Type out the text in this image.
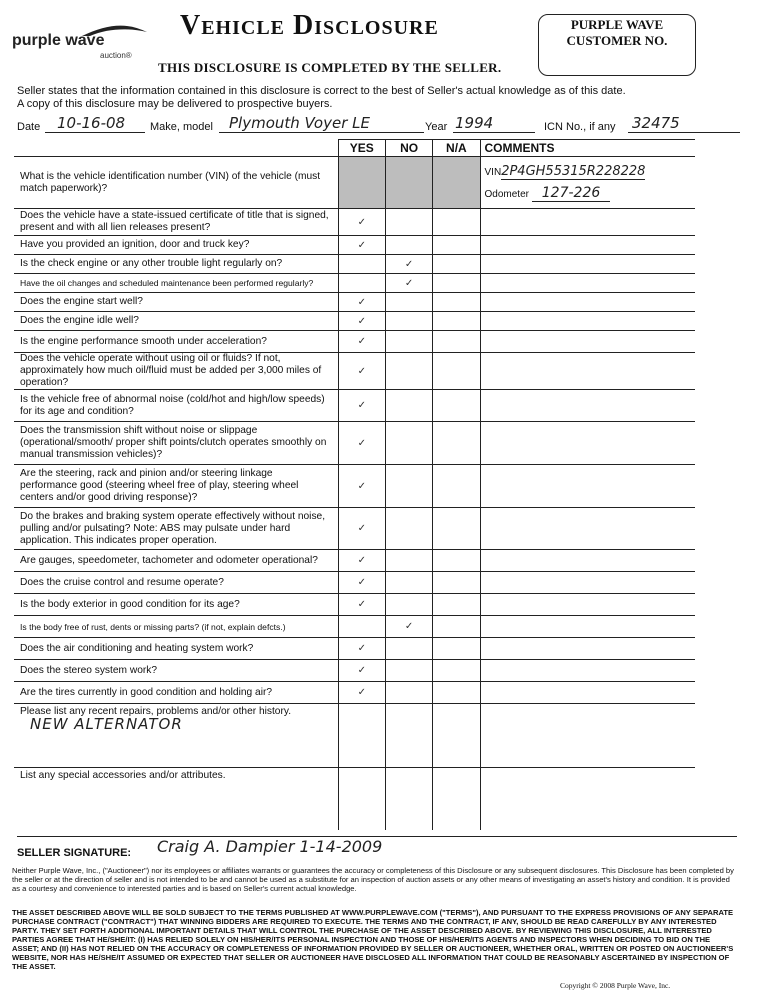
purple wave
auction®
Vehicle Disclosure	PURPLE WAVE
CUSTOMER NO.
THIS DISCLOSURE IS COMPLETED BY THE SELLER.
Seller states that the information contained in this disclosure is correct to the best of Seller's actual knowledge as of this date.
A copy of this disclosure may be delivered to prospective buyers.
Date 10-16-08 Make, model Plymouth Voyer LE	Year 1994	ICN No., if any 32475
	YES	NO	N/A	COMMENTS
What is the vehicle identification number (VIN) of the vehicle (must match paperwork)?				VIN2P4GH55315R228228
Odometer 127-226

Does the vehicle have a state-issued certificate of title that is signed, present and with all lien releases present?	✓			
Have you provided an ignition, door and truck key?	✓			
Is the check engine or any other trouble light regularly on?		✓		
Have the oil changes and scheduled maintenance been performed regularly?		✓		
Does the engine start well?	✓			
Does the engine idle well?	✓			
Is the engine performance smooth under acceleration?	✓			
Does the vehicle operate without using oil or fluids? If not, approximately how much oil/fluid must be added per 3,000 miles of operation?	✓			
Is the vehicle free of abnormal noise (cold/hot and high/low speeds) for its age and condition?	✓			
Does the transmission shift without noise or slippage (operational/smooth/ proper shift points/clutch operates smoothly on manual transmission vehicles)?	✓			
Are the steering, rack and pinion and/or steering linkage performance good (steering wheel free of play, steering wheel centers and/or good driving response)?	✓			
Do the brakes and braking system operate effectively without noise, pulling and/or pulsating? Note: ABS may pulsate under hard application. This indicates proper operation.	✓			
Are gauges, speedometer, tachometer and odometer operational?	✓			
Does the cruise control and resume operate?	✓			
Is the body exterior in good condition for its age?	✓			
Is the body free of rust, dents or missing parts? (if not, explain defcts.)		✓		
Does the air conditioning and heating system work?	✓			
Does the stereo system work?	✓			
Are the tires currently in good condition and holding air?	✓			

Please list any recent repairs, problems and/or other history.
NEW ALTERNATOR				

List any special accessories and/or attributes.				

SELLER SIGNATURE: Craig A. Dampier 1-14-2009
Neither Purple Wave, Inc., ("Auctioneer") nor its employees or affiliates warrants or guarantees the accuracy or completeness of this Disclosure or any subsequent disclosures. This Disclosure has been completed by the seller or at the direction of seller and is not intended to be and cannot be used as a substitute for an inspection of auction assets or any other means of investigating an asset's history and condition. It is provided as a courtesy and convenience to interested parties and is based on Seller's current actual knowledge.
THE ASSET DESCRIBED ABOVE WILL BE SOLD SUBJECT TO THE TERMS PUBLISHED AT WWW.PURPLEWAVE.COM ("TERMS"), AND PURSUANT TO THE EXPRESS PROVISIONS OF ANY SEPARATE PURCHASE CONTRACT ("CONTRACT") THAT WINNING BIDDERS ARE REQUIRED TO EXECUTE. THE TERMS AND THE CONTRACT, IF ANY, SHOULD BE READ CAREFULLY BY ANY INTERESTED PARTY. THEY SET FORTH ADDITIONAL IMPORTANT DETAILS THAT WILL CONTROL THE PURCHASE OF THE ASSET DESCRIBED ABOVE. BY REVIEWING THIS DISCLOSURE, ALL INTERESTED PARTIES AGREE THAT HE/SHE/IT: (I) HAS RELIED SOLELY ON HIS/HER/ITS PERSONAL INSPECTION AND THOSE OF HIS/HER/ITS AGENTS AND INSPECTORS WHEN DECIDING TO BID ON THE ASSET; AND (II) HAS NOT RELIED ON THE ACCURACY OR COMPLETENESS OF INFORMATION PROVIDED BY SELLER OR AUCTIONEER, WHETHER ORAL, WRITTEN OR POSTED ON AUCTIONEER'S WEBSITE, NOR HAS HE/SHE/IT ASSUMED OR EXPECTED THAT SELLER OR AUCTIONEER HAVE DISCLOSED ALL INFORMATION THAT COULD BE REASONABLY ASCERTAINED BY INSPECTION OF THE ASSET.
Copyright © 2008 Purple Wave, Inc.
